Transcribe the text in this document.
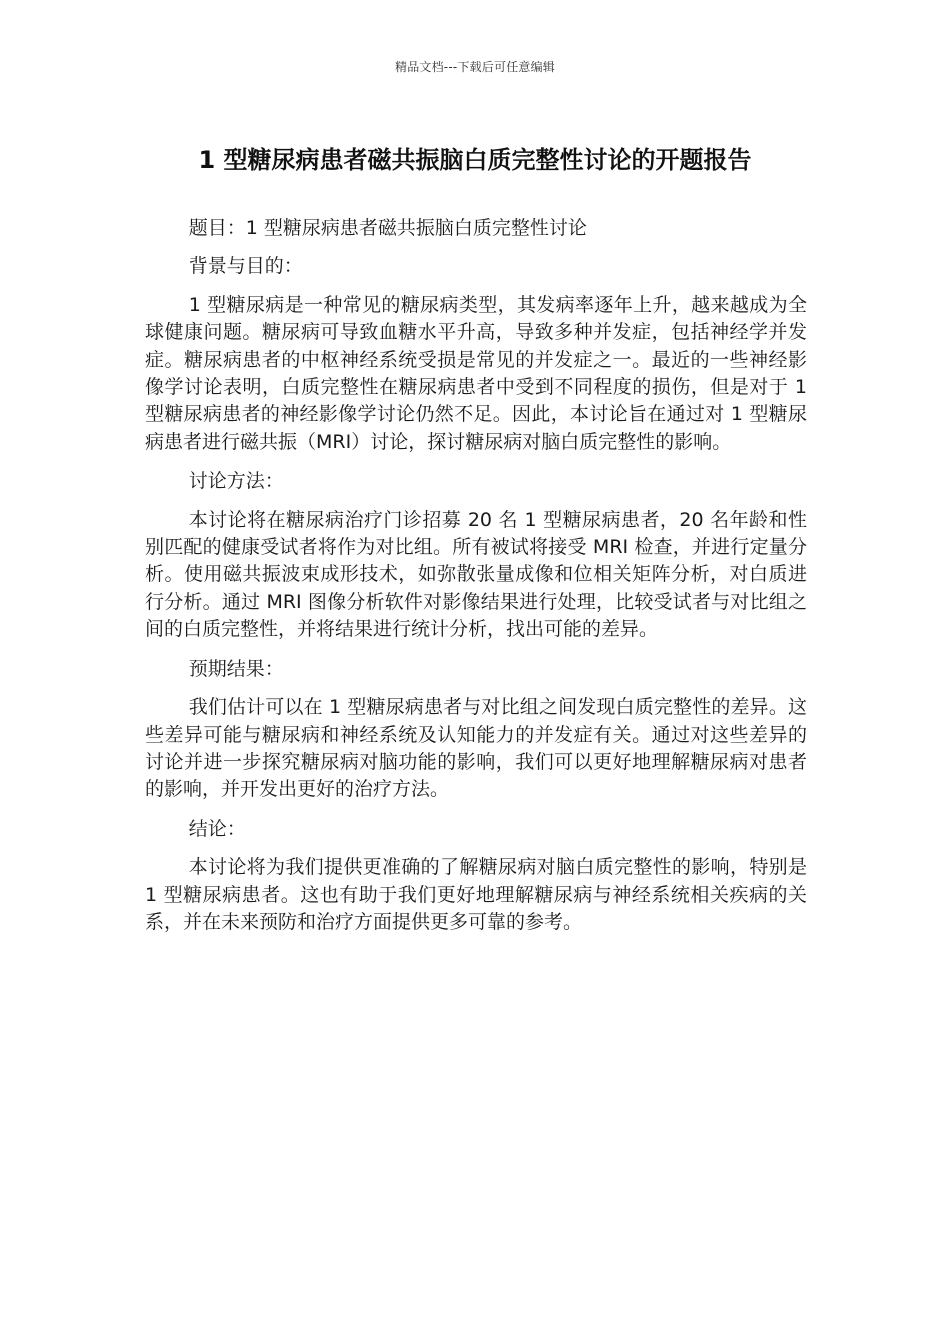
精品文档---下载后可任意编辑
1 型糖尿病患者磁共振脑白质完整性讨论的开题报告

题目：1 型糖尿病患者磁共振脑白质完整性讨论

背景与目的：

1 型糖尿病是一种常见的糖尿病类型，其发病率逐年上升，越来越成为全球健康问题。糖尿病可导致血糖水平升高，导致多种并发症，包括神经学并发症。糖尿病患者的中枢神经系统受损是常见的并发症之一。最近的一些神经影像学讨论表明，白质完整性在糖尿病患者中受到不同程度的损伤，但是对于 1 型糖尿病患者的神经影像学讨论仍然不足。因此，本讨论旨在通过对 1 型糖尿病患者进行磁共振（MRI）讨论，探讨糖尿病对脑白质完整性的影响。

讨论方法：

本讨论将在糖尿病治疗门诊招募 20 名 1 型糖尿病患者，20 名年龄和性别匹配的健康受试者将作为对比组。所有被试将接受 MRI 检查，并进行定量分析。使用磁共振波束成形技术，如弥散张量成像和位相关矩阵分析，对白质进行分析。通过 MRI 图像分析软件对影像结果进行处理，比较受试者与对比组之间的白质完整性，并将结果进行统计分析，找出可能的差异。

预期结果：

我们估计可以在 1 型糖尿病患者与对比组之间发现白质完整性的差异。这些差异可能与糖尿病和神经系统及认知能力的并发症有关。通过对这些差异的讨论并进一步探究糖尿病对脑功能的影响，我们可以更好地理解糖尿病对患者的影响，并开发出更好的治疗方法。

结论：

本讨论将为我们提供更准确的了解糖尿病对脑白质完整性的影响，特别是 1 型糖尿病患者。这也有助于我们更好地理解糖尿病与神经系统相关疾病的关系，并在未来预防和治疗方面提供更多可靠的参考。
